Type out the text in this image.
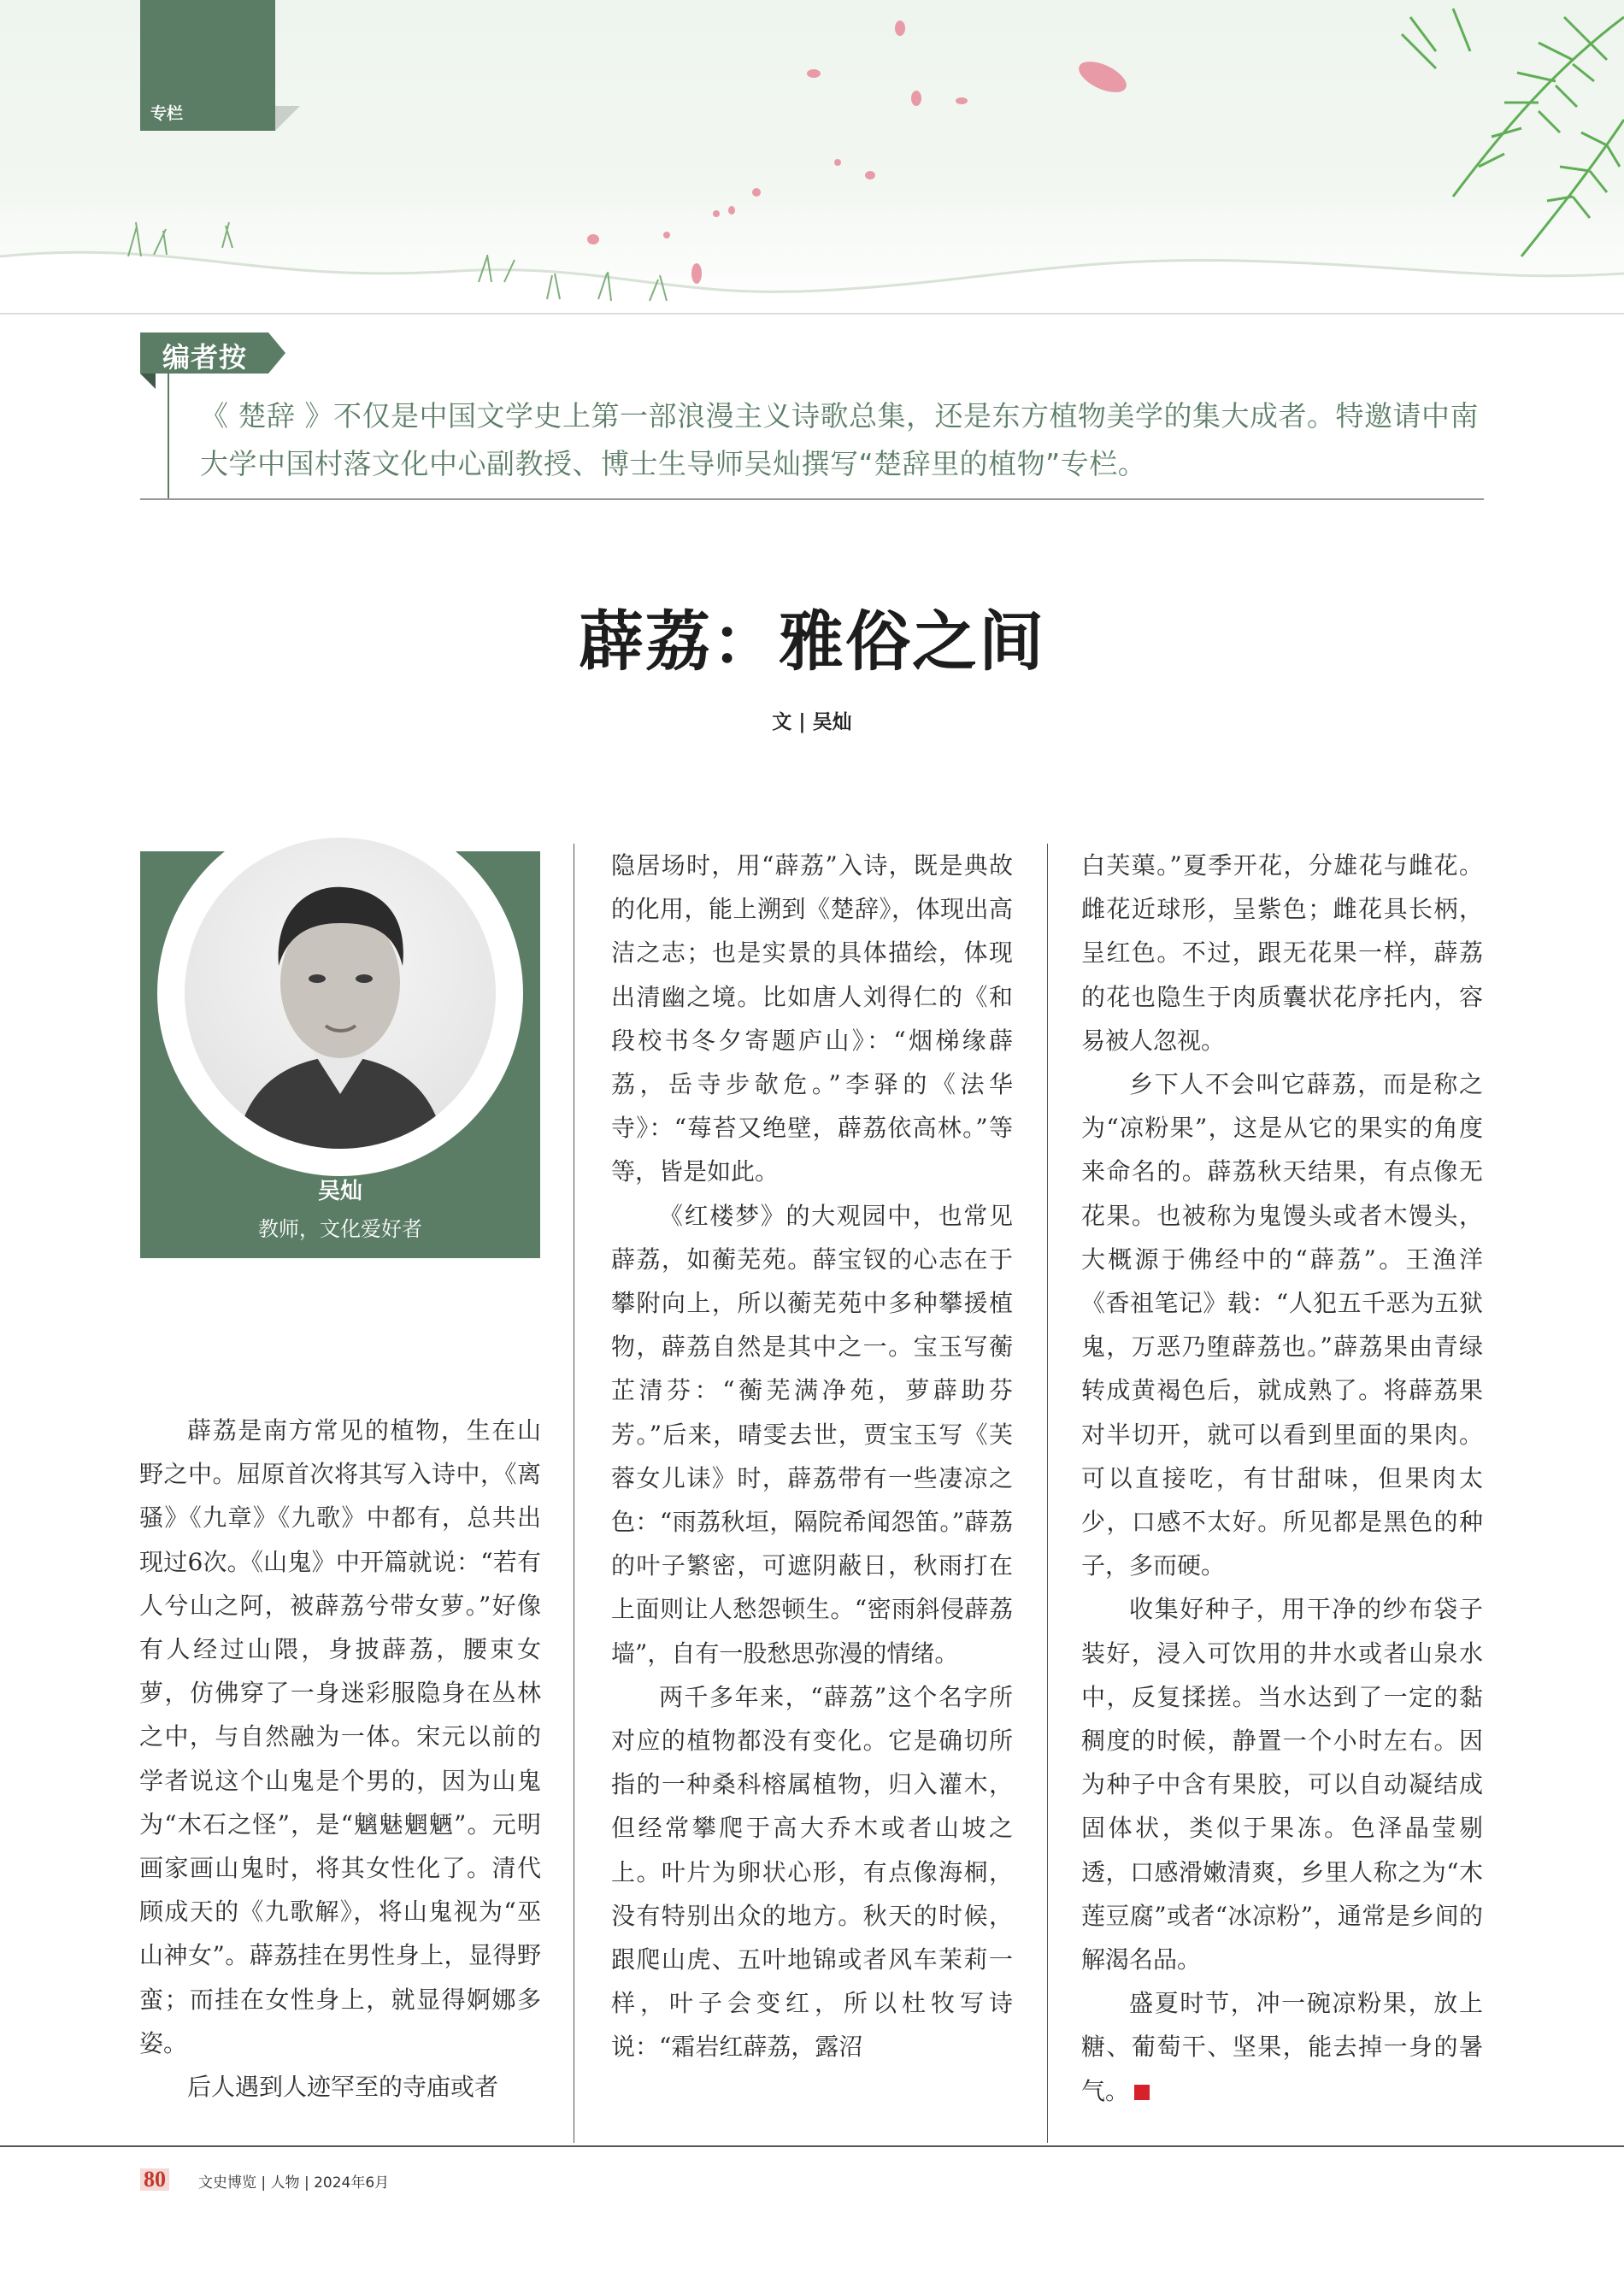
专栏
编者按
《 楚辞 》不仅是中国文学史上第一部浪漫主义诗歌总集，还是东方植物美学的集大成者。特邀请中南大学中国村落文化中心副教授、博士生导师吴灿撰写“楚辞里的植物”专栏。
薜荔：雅俗之间
文 | 吴灿
吴灿
教师，文化爱好者

薜荔是南方常见的植物，生在山野之中。屈原首次将其写入诗中，《离骚》《九章》《九歌》中都有，总共出现过6次。《山鬼》中开篇就说：“若有人兮山之阿，被薜荔兮带女萝。”好像有人经过山隈，身披薜荔，腰束女萝，仿佛穿了一身迷彩服隐身在丛林之中，与自然融为一体。宋元以前的学者说这个山鬼是个男的，因为山鬼为“木石之怪”，是“魑魅魍魉”。元明画家画山鬼时，将其女性化了。清代顾成天的《九歌解》，将山鬼视为“巫山神女”。薜荔挂在男性身上，显得野蛮；而挂在女性身上，就显得婀娜多姿。

后人遇到人迹罕至的寺庙或者

隐居场时，用“薜荔”入诗，既是典故的化用，能上溯到《楚辞》，体现出高洁之志；也是实景的具体描绘，体现出清幽之境。比如唐人刘得仁的《和段校书冬夕寄题庐山》：“烟梯缘薜荔，岳寺步欹危。”李驿的《法华寺》：“莓苔又绝壁，薜荔依高林。”等等，皆是如此。

《红楼梦》的大观园中，也常见薜荔，如蘅芜苑。薛宝钗的心志在于攀附向上，所以蘅芜苑中多种攀援植物，薜荔自然是其中之一。宝玉写蘅芷清芬：“蘅芜满净苑，萝薜助芬芳。”后来，晴雯去世，贾宝玉写《芙蓉女儿诔》时，薜荔带有一些凄凉之色：“雨荔秋垣，隔院希闻怨笛。”薜荔的叶子繁密，可遮阴蔽日，秋雨打在上面则让人愁怨顿生。“密雨斜侵薜荔墙”，自有一股愁思弥漫的情绪。

两千多年来，“薜荔”这个名字所对应的植物都没有变化。它是确切所指的一种桑科榕属植物，归入灌木，但经常攀爬于高大乔木或者山坡之上。叶片为卵状心形，有点像海桐，没有特别出众的地方。秋天的时候，跟爬山虎、五叶地锦或者风车茉莉一样，叶子会变红，所以杜牧写诗说：“霜岩红薜荔，露沼

白芙蕖。”夏季开花，分雄花与雌花。雌花近球形，呈紫色；雌花具长柄，呈红色。不过，跟无花果一样，薜荔的花也隐生于肉质囊状花序托内，容易被人忽视。

乡下人不会叫它薜荔，而是称之为“凉粉果”，这是从它的果实的角度来命名的。薜荔秋天结果，有点像无花果。也被称为鬼馒头或者木馒头，大概源于佛经中的“薜荔”。王渔洋《香祖笔记》载：“人犯五千恶为五狱鬼，万恶乃堕薜荔也。”薜荔果由青绿转成黄褐色后，就成熟了。将薜荔果对半切开，就可以看到里面的果肉。可以直接吃，有甘甜味，但果肉太少，口感不太好。所见都是黑色的种子，多而硬。

收集好种子，用干净的纱布袋子装好，浸入可饮用的井水或者山泉水中，反复揉搓。当水达到了一定的黏稠度的时候，静置一个小时左右。因为种子中含有果胶，可以自动凝结成固体状，类似于果冻。色泽晶莹剔透，口感滑嫩清爽，乡里人称之为“木莲豆腐”或者“冰凉粉”，通常是乡间的解渴名品。

盛夏时节，冲一碗凉粉果，放上糖、葡萄干、坚果，能去掉一身的暑气。

80 文史博览 | 人物 | 2024年6月
